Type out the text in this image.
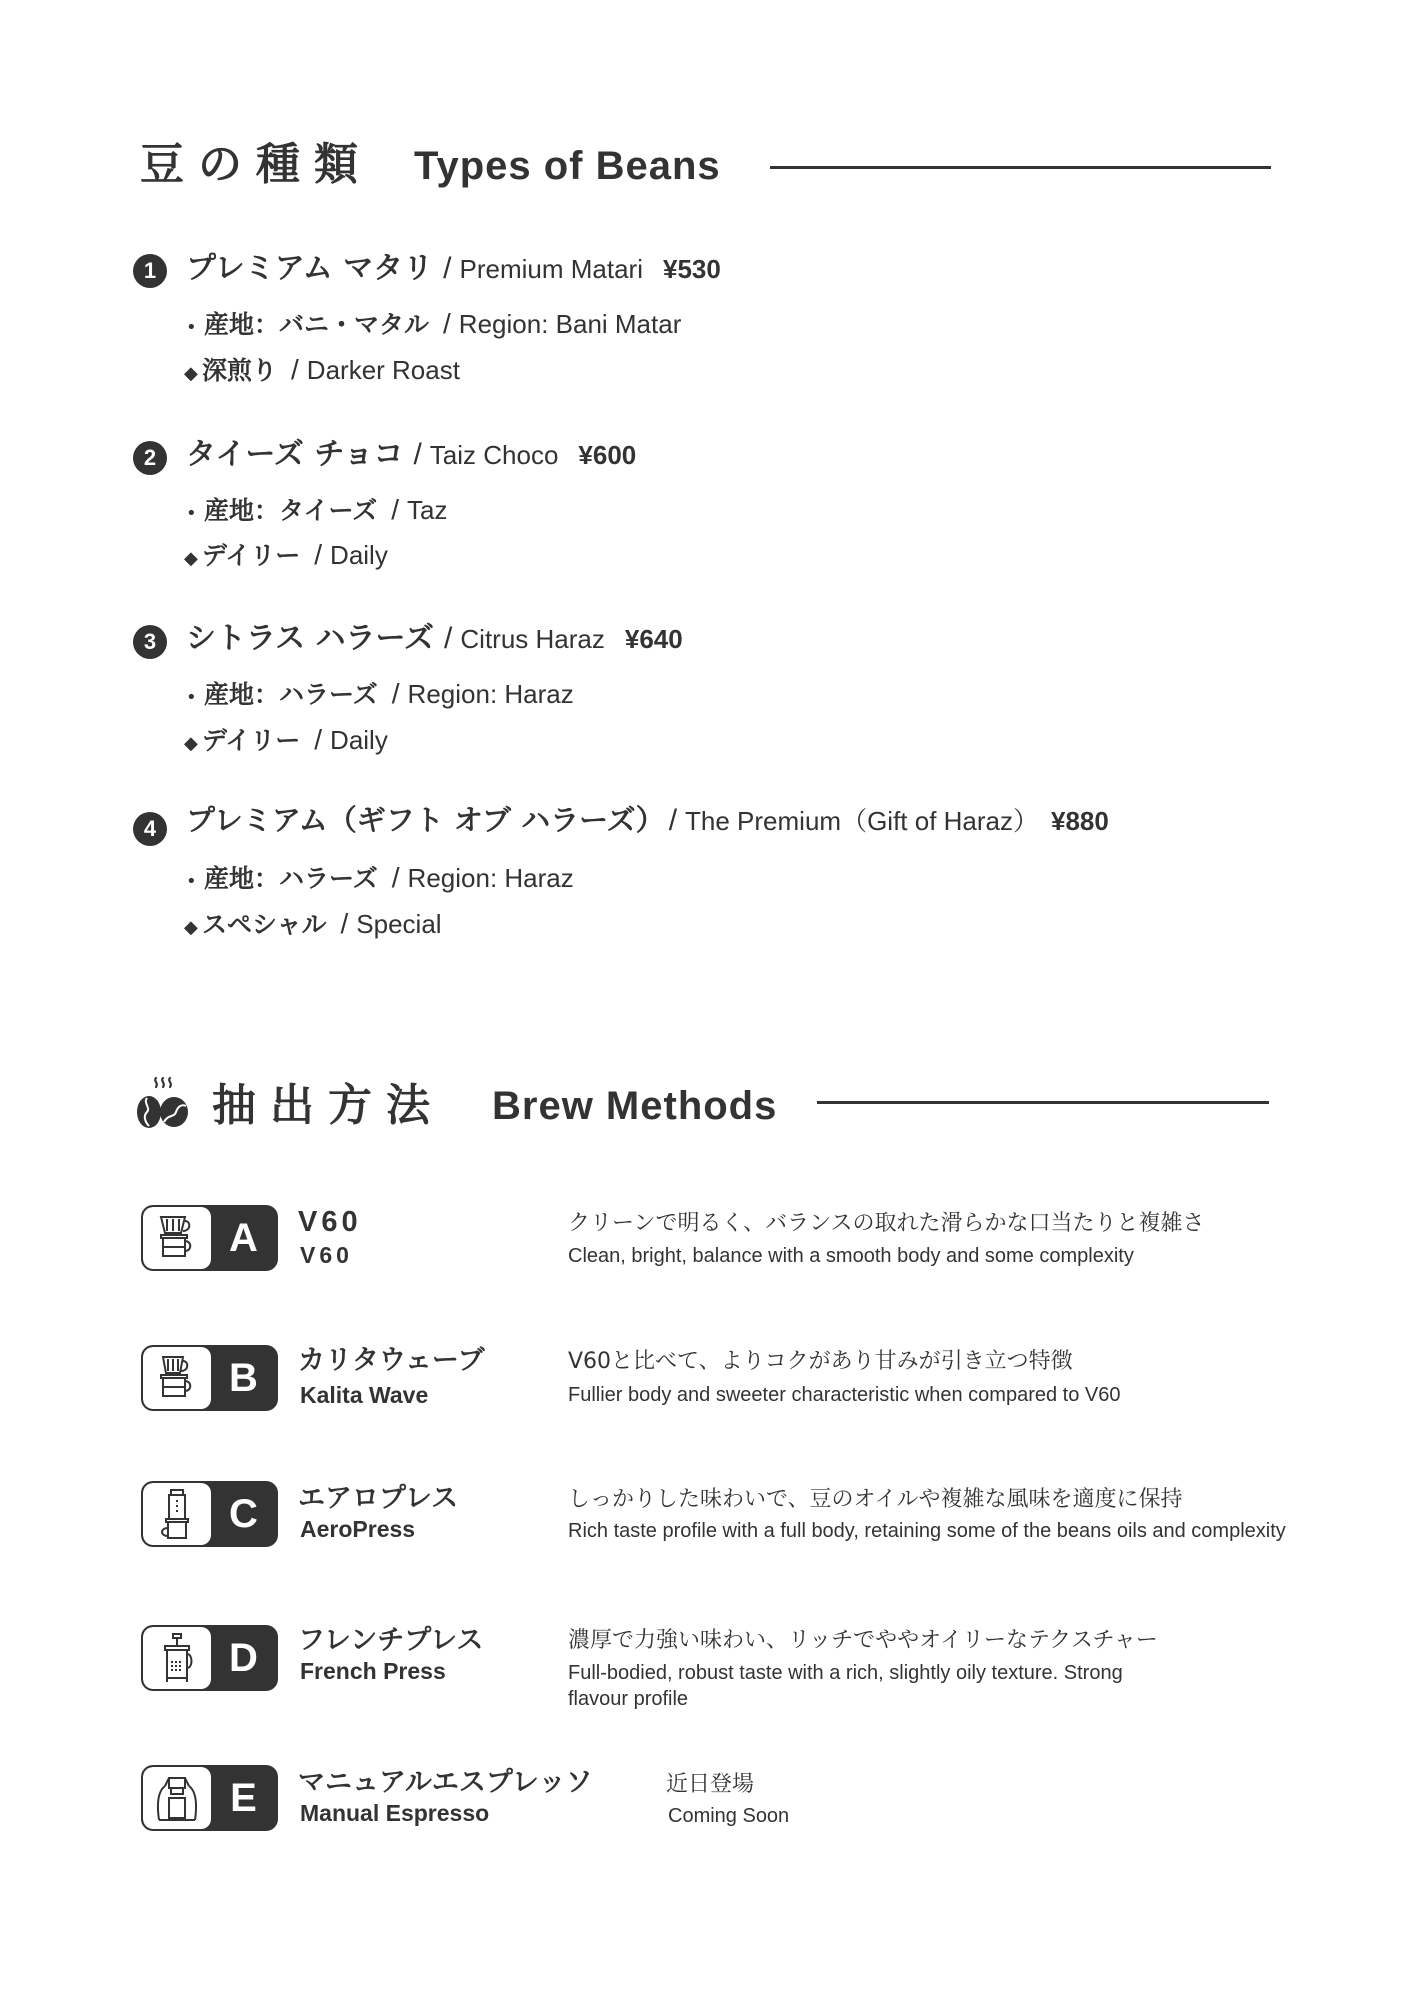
豆の種類 Types of Beans
1 プレミアム マタリ / Premium Matari ¥530
• 産地：バニ・マタル / Region: Bani Matar
◆ 深煎り / Darker Roast
2 タイーズ チョコ / Taiz Choco ¥600
• 産地：タイーズ / Taz
◆ デイリー / Daily
3 シトラス ハラーズ / Citrus Haraz ¥640
• 産地：ハラーズ / Region: Haraz
◆ デイリー / Daily
4 プレミアム（ギフト オブ ハラーズ） / The Premium（Gift of Haraz） ¥880
• 産地：ハラーズ / Region: Haraz
◆ スペシャル / Special
抽出方法 Brew Methods
A	V60
V60
クリーンで明るく、バランスの取れた滑らかな口当たりと複雑さ
Clean, bright, balance with a smooth body and some complexity
B	カリタウェーブ
Kalita Wave
V60と比べて、よりコクがあり甘みが引き立つ特徴
Fullier body and sweeter characteristic when compared to V60
C	エアロプレス
AeroPress
しっかりした味わいで、豆のオイルや複雑な風味を適度に保持
Rich taste profile with a full body, retaining some of the beans oils and complexity
D	フレンチプレス
French Press
濃厚で力強い味わい、リッチでややオイリーなテクスチャー
Full-bodied, robust taste with a rich, slightly oily texture. Strong flavour profile
E	マニュアルエスプレッソ
Manual Espresso
近日登場
Coming Soon
